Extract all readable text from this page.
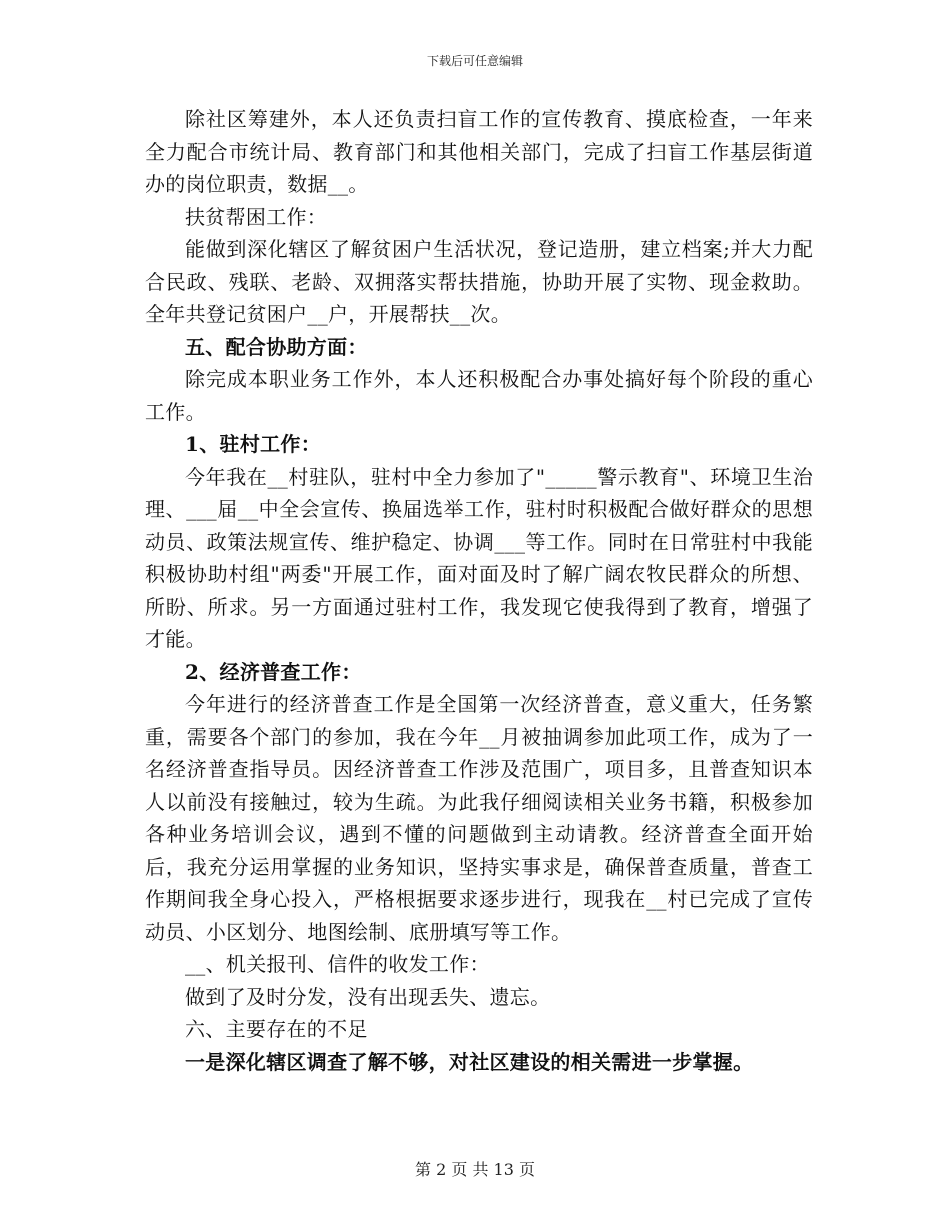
下载后可任意编辑

除社区筹建外，本人还负责扫盲工作的宣传教育、摸底检查，一年来全力配合市统计局、教育部门和其他相关部门，完成了扫盲工作基层街道办的岗位职责，数据__。

扶贫帮困工作：

能做到深化辖区了解贫困户生活状况，登记造册，建立档案;并大力配合民政、残联、老龄、双拥落实帮扶措施，协助开展了实物、现金救助。全年共登记贫困户__户，开展帮扶__次。

五、配合协助方面：

除完成本职业务工作外，本人还积极配合办事处搞好每个阶段的重心工作。

1、驻村工作：

今年我在__村驻队，驻村中全力参加了"_____警示教育"、环境卫生治理、___届__中全会宣传、换届选举工作，驻村时积极配合做好群众的思想动员、政策法规宣传、维护稳定、协调___等工作。同时在日常驻村中我能积极协助村组"两委"开展工作，面对面及时了解广阔农牧民群众的所想、所盼、所求。另一方面通过驻村工作，我发现它使我得到了教育，增强了才能。

2、经济普查工作：

今年进行的经济普查工作是全国第一次经济普查，意义重大，任务繁重，需要各个部门的参加，我在今年__月被抽调参加此项工作，成为了一名经济普查指导员。因经济普查工作涉及范围广，项目多，且普查知识本人以前没有接触过，较为生疏。为此我仔细阅读相关业务书籍，积极参加各种业务培训会议，遇到不懂的问题做到主动请教。经济普查全面开始后，我充分运用掌握的业务知识，坚持实事求是，确保普查质量，普查工作期间我全身心投入，严格根据要求逐步进行，现我在__村已完成了宣传动员、小区划分、地图绘制、底册填写等工作。

__、机关报刊、信件的收发工作：

做到了及时分发，没有出现丢失、遗忘。

六、主要存在的不足

一是深化辖区调查了解不够，对社区建设的相关需进一步掌握。

第 2 页 共 13 页
